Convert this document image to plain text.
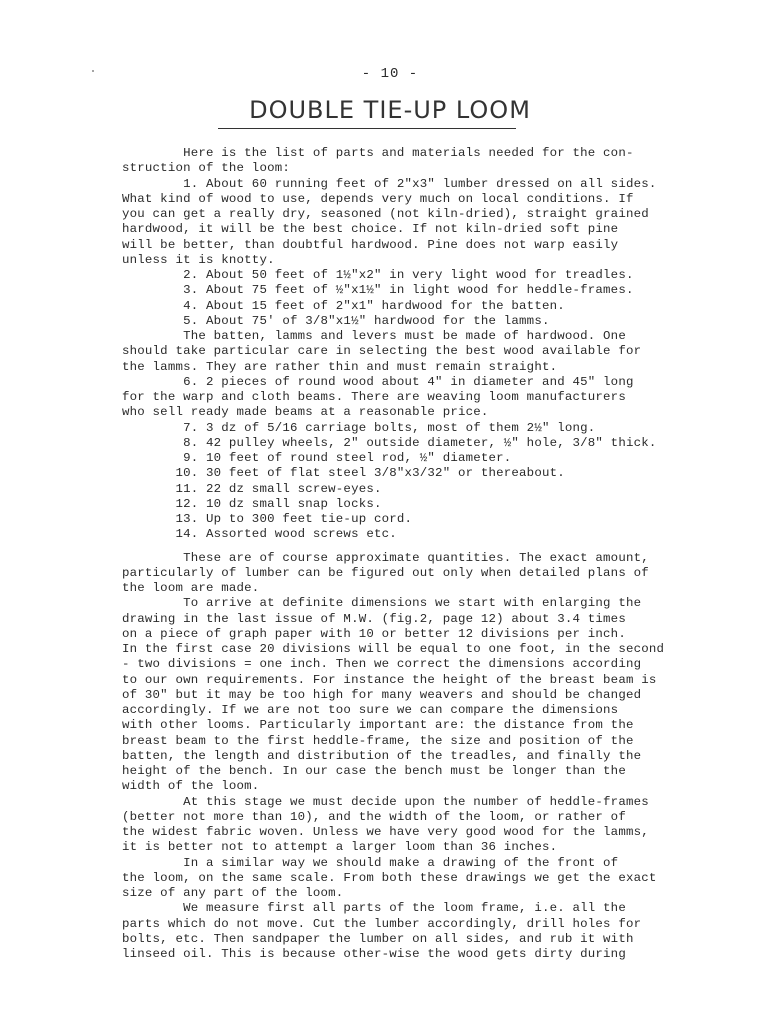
- 10 -
DOUBLE TIE-UP LOOM
Here is the list of parts and materials needed for the con-
struction of the loom:
1. About 60 running feet of 2"x3" lumber dressed on all sides.
What kind of wood to use, depends very much on local conditions. If
you can get a really dry, seasoned (not kiln-dried), straight grained
hardwood, it will be the best choice. If not kiln-dried soft pine
will be better, than doubtful hardwood. Pine does not warp easily
unless it is knotty.
2. About 50 feet of 1½"x2" in very light wood for treadles.
3. About 75 feet of ½"x1½" in light wood for heddle-frames.
4. About 15 feet of 2"x1" hardwood for the batten.
5. About 75' of 3/8"x1½" hardwood for the lamms.
The batten, lamms and levers must be made of hardwood. One
should take particular care in selecting the best wood available for
the lamms. They are rather thin and must remain straight.
6. 2 pieces of round wood about 4" in diameter and 45" long
for the warp and cloth beams. There are weaving loom manufacturers
who sell ready made beams at a reasonable price.
7. 3 dz of 5/16 carriage bolts, most of them 2½" long.
8. 42 pulley wheels, 2" outside diameter, ½" hole, 3/8" thick.
9. 10 feet of round steel rod, ½" diameter.
10. 30 feet of flat steel 3/8"x3/32" or thereabout.
11. 22 dz small screw-eyes.
12. 10 dz small snap locks.
13. Up to 300 feet tie-up cord.
14. Assorted wood screws etc.
These are of course approximate quantities. The exact amount,
particularly of lumber can be figured out only when detailed plans of
the loom are made.
To arrive at definite dimensions we start with enlarging the
drawing in the last issue of M.W. (fig.2, page 12) about 3.4 times
on a piece of graph paper with 10 or better 12 divisions per inch.
In the first case 20 divisions will be equal to one foot, in the second
- two divisions = one inch. Then we correct the dimensions according
to our own requirements. For instance the height of the breast beam is
of 30" but it may be too high for many weavers and should be changed
accordingly. If we are not too sure we can compare the dimensions
with other looms. Particularly important are: the distance from the
breast beam to the first heddle-frame, the size and position of the
batten, the length and distribution of the treadles, and finally the
height of the bench. In our case the bench must be longer than the
width of the loom.
At this stage we must decide upon the number of heddle-frames
(better not more than 10), and the width of the loom, or rather of
the widest fabric woven. Unless we have very good wood for the lamms,
it is better not to attempt a larger loom than 36 inches.
In a similar way we should make a drawing of the front of
the loom, on the same scale. From both these drawings we get the exact
size of any part of the loom.
We measure first all parts of the loom frame, i.e. all the
parts which do not move. Cut the lumber accordingly, drill holes for
bolts, etc. Then sandpaper the lumber on all sides, and rub it with
linseed oil. This is because other-wise the wood gets dirty during
